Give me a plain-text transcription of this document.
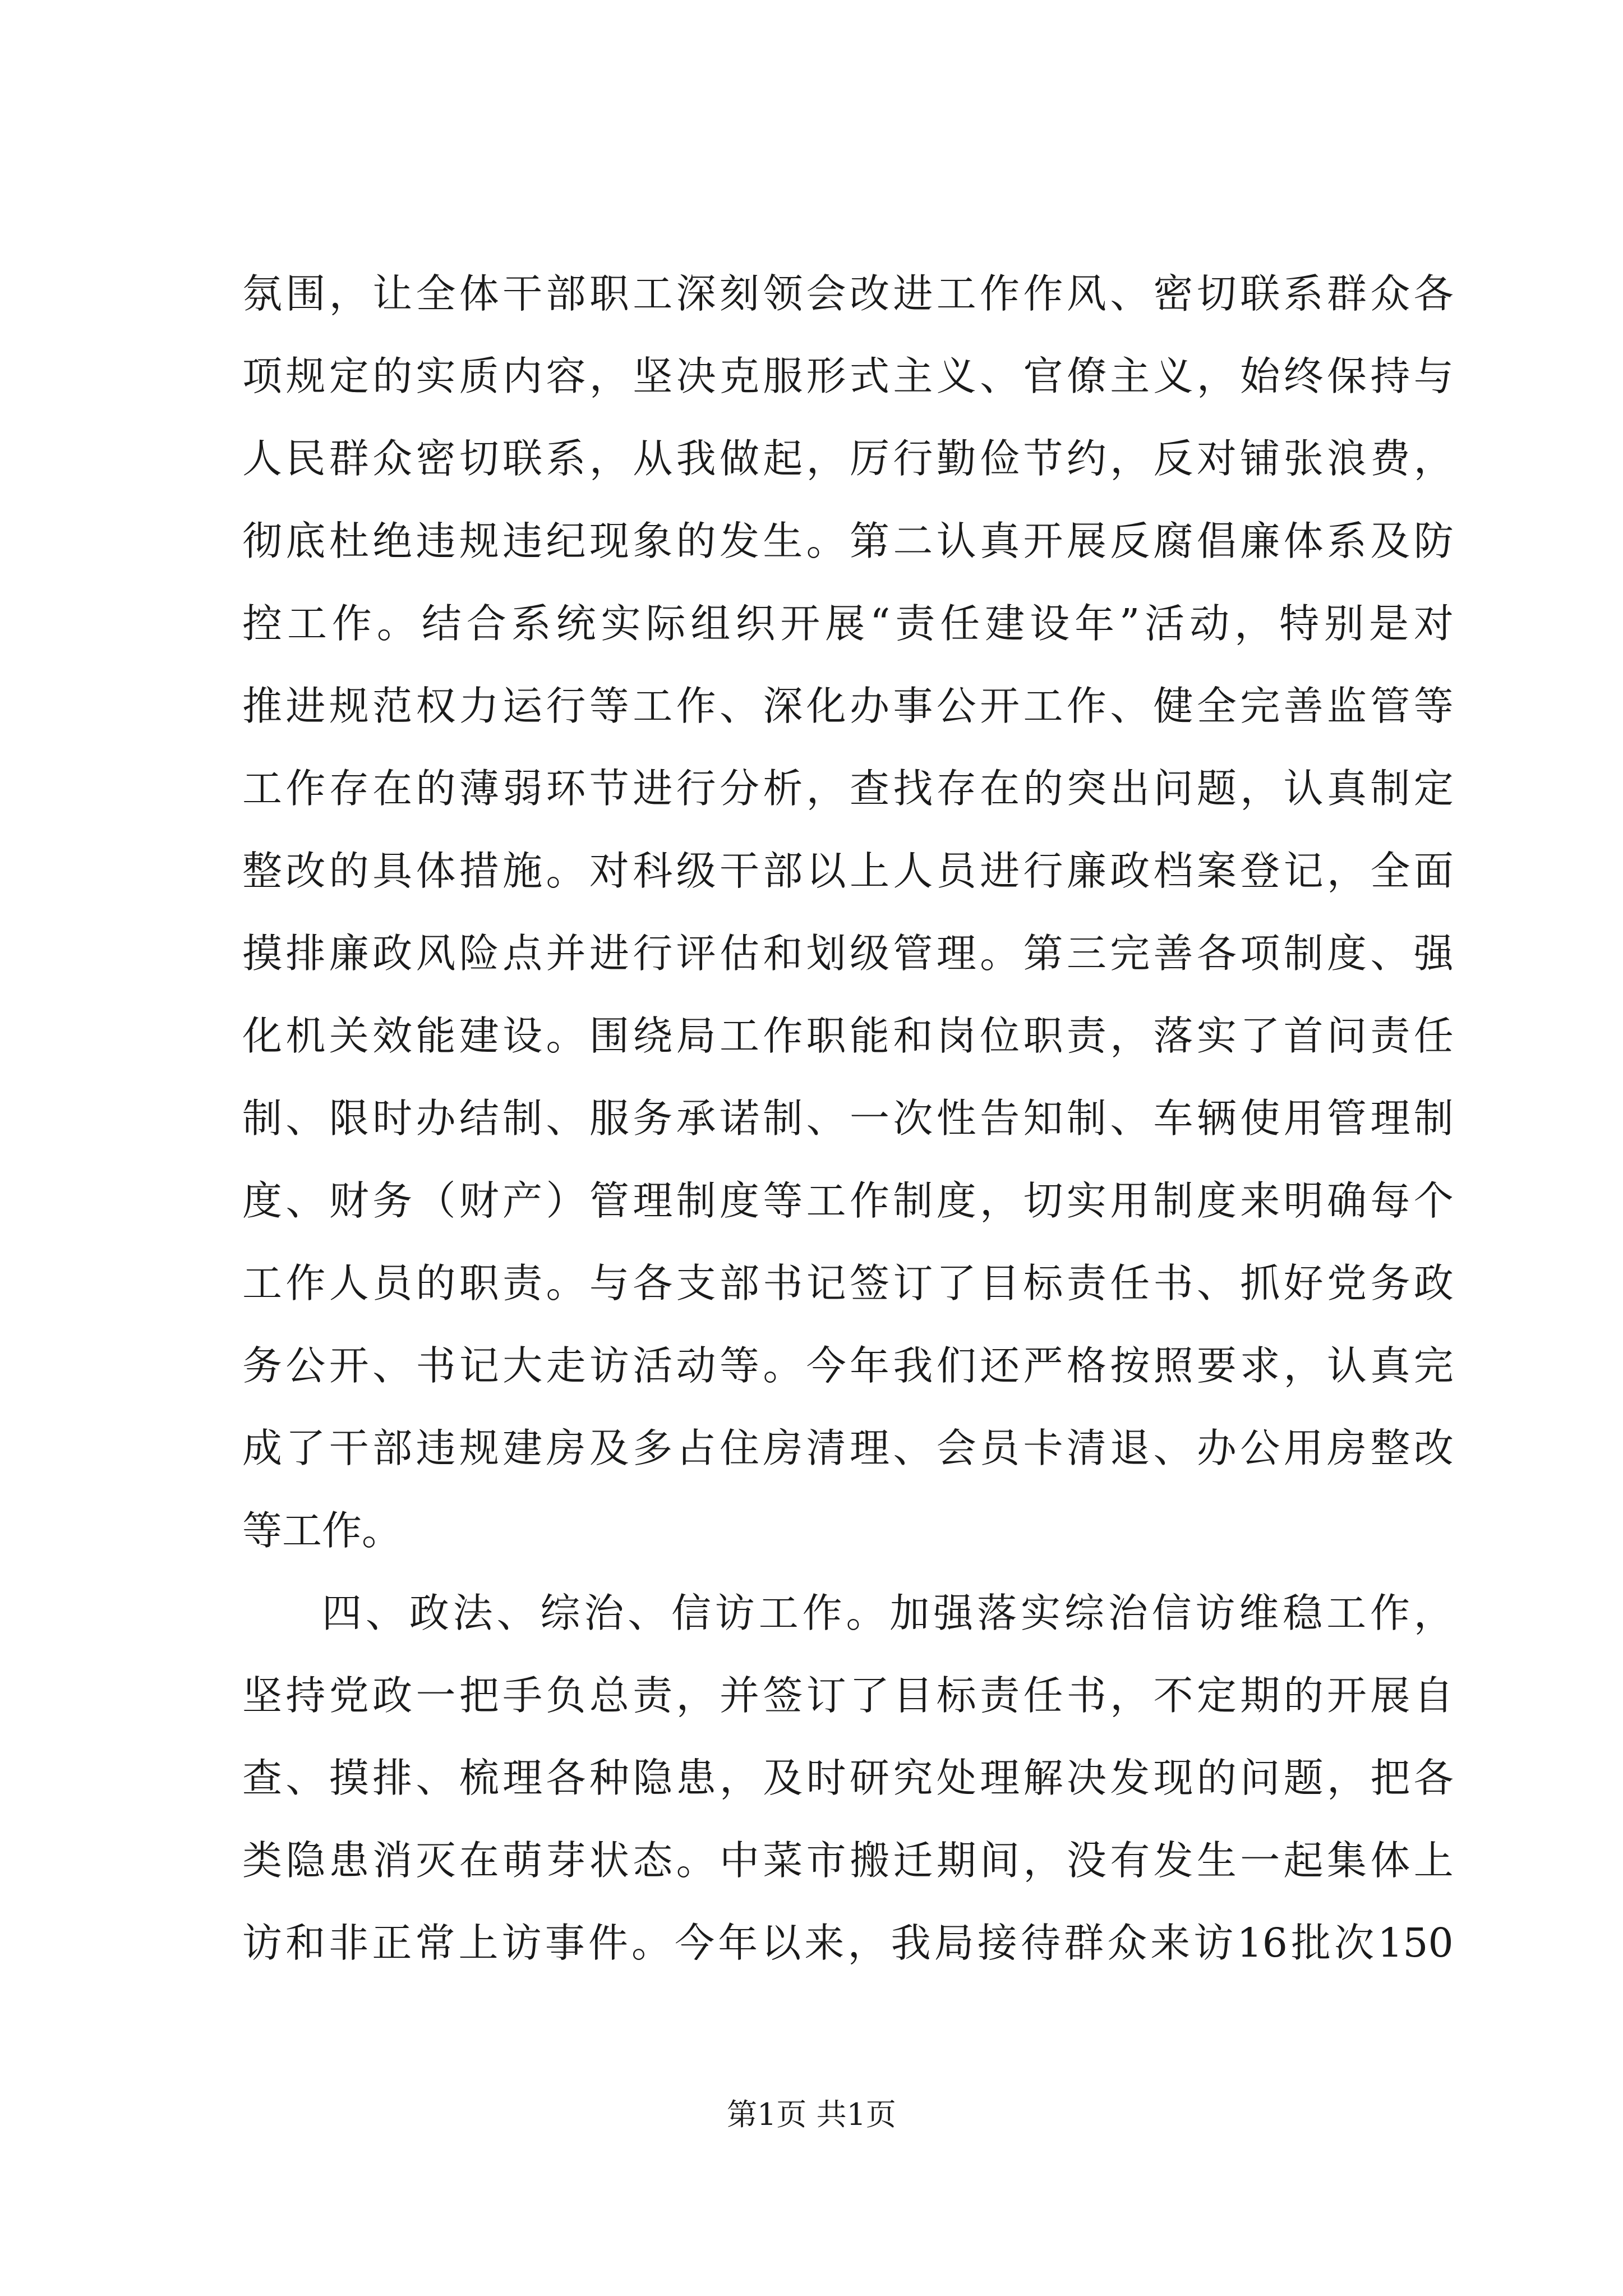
氛 围 ， 让 全 体 干 部 职 工 深 刻 领 会 改 进 工 作 作 风 、 密 切 联 系 群 众 各
项 规 定 的 实 质 内 容 ， 坚 决 克 服 形 式 主 义 、 官 僚 主 义 ， 始 终 保 持 与
人 民 群 众 密 切 联 系 ， 从 我 做 起 ， 厉 行 勤 俭 节 约 ， 反 对 铺 张 浪 费 ，
彻 底 杜 绝 违 规 违 纪 现 象 的 发 生 。 第 二 认 真 开 展 反 腐 倡 廉 体 系 及 防
控 工 作 。 结 合 系 统 实 际 组 织 开 展 “ 责 任 建 设 年 ” 活 动 ， 特 别 是 对
推 进 规 范 权 力 运 行 等 工 作 、 深 化 办 事 公 开 工 作 、 健 全 完 善 监 管 等
工 作 存 在 的 薄 弱 环 节 进 行 分 析 ， 查 找 存 在 的 突 出 问 题 ， 认 真 制 定
整 改 的 具 体 措 施 。 对 科 级 干 部 以 上 人 员 进 行 廉 政 档 案 登 记 ， 全 面
摸 排 廉 政 风 险 点 并 进 行 评 估 和 划 级 管 理 。 第 三 完 善 各 项 制 度 、 强
化 机 关 效 能 建 设 。 围 绕 局 工 作 职 能 和 岗 位 职 责 ， 落 实 了 首 问 责 任
制 、 限 时 办 结 制 、 服 务 承 诺 制 、 一 次 性 告 知 制 、 车 辆 使 用 管 理 制
度 、 财 务 （ 财 产 ） 管 理 制 度 等 工 作 制 度 ， 切 实 用 制 度 来 明 确 每 个
工 作 人 员 的 职 责 。 与 各 支 部 书 记 签 订 了 目 标 责 任 书 、 抓 好 党 务 政
务 公 开 、 书 记 大 走 访 活 动 等 。 今 年 我 们 还 严 格 按 照 要 求 ， 认 真 完
成 了 干 部 违 规 建 房 及 多 占 住 房 清 理 、 会 员 卡 清 退 、 办 公 用 房 整 改
等工作。
四 、 政 法 、 综 治 、 信 访 工 作 。 加 强 落 实 综 治 信 访 维 稳 工 作 ，
坚 持 党 政 一 把 手 负 总 责 ， 并 签 订 了 目 标 责 任 书 ， 不 定 期 的 开 展 自
查 、 摸 排 、 梳 理 各 种 隐 患 ， 及 时 研 究 处 理 解 决 发 现 的 问 题 ， 把 各
类 隐 患 消 灭 在 萌 芽 状 态 。 中 菜 市 搬 迁 期 间 ， 没 有 发 生 一 起 集 体 上
访 和 非 正 常 上 访 事 件 。 今 年 以 来 ， 我 局 接 待 群 众 来 访 16 批 次 150
第1页 共1页
